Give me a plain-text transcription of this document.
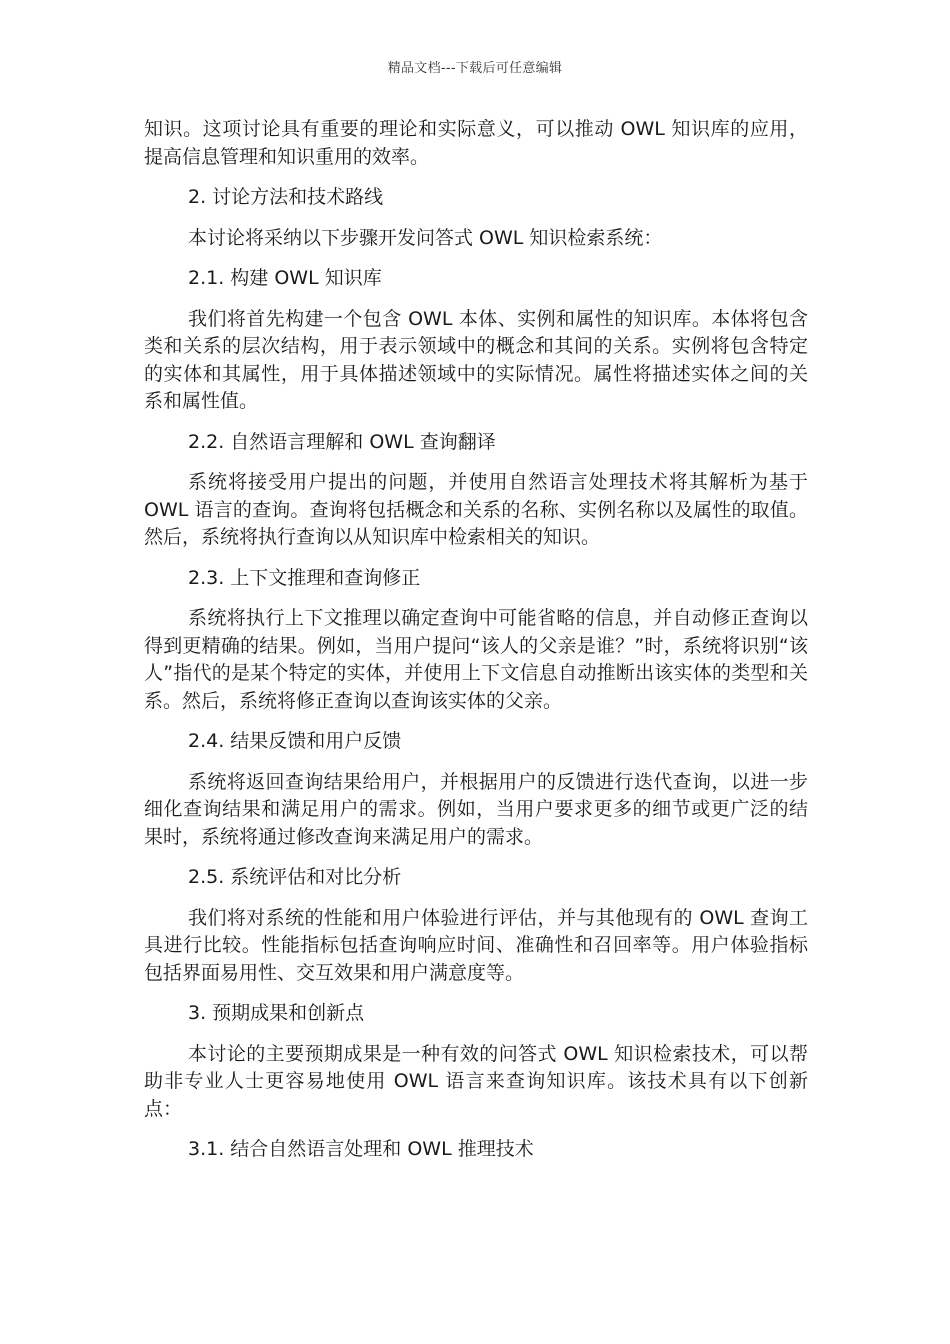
精品文档---下载后可任意编辑

知识。这项讨论具有重要的理论和实际意义，可以推动 OWL 知识库的应用，提高信息管理和知识重用的效率。

2. 讨论方法和技术路线

本讨论将采纳以下步骤开发问答式 OWL 知识检索系统：

2.1. 构建 OWL 知识库

我们将首先构建一个包含 OWL 本体、实例和属性的知识库。本体将包含类和关系的层次结构，用于表示领域中的概念和其间的关系。实例将包含特定的实体和其属性，用于具体描述领域中的实际情况。属性将描述实体之间的关系和属性值。

2.2. 自然语言理解和 OWL 查询翻译

系统将接受用户提出的问题，并使用自然语言处理技术将其解析为基于 OWL 语言的查询。查询将包括概念和关系的名称、实例名称以及属性的取值。然后，系统将执行查询以从知识库中检索相关的知识。

2.3. 上下文推理和查询修正

系统将执行上下文推理以确定查询中可能省略的信息，并自动修正查询以得到更精确的结果。例如，当用户提问“该人的父亲是谁？”时，系统将识别“该人”指代的是某个特定的实体，并使用上下文信息自动推断出该实体的类型和关系。然后，系统将修正查询以查询该实体的父亲。

2.4. 结果反馈和用户反馈

系统将返回查询结果给用户，并根据用户的反馈进行迭代查询，以进一步细化查询结果和满足用户的需求。例如，当用户要求更多的细节或更广泛的结果时，系统将通过修改查询来满足用户的需求。

2.5. 系统评估和对比分析

我们将对系统的性能和用户体验进行评估，并与其他现有的 OWL 查询工具进行比较。性能指标包括查询响应时间、准确性和召回率等。用户体验指标包括界面易用性、交互效果和用户满意度等。

3. 预期成果和创新点

本讨论的主要预期成果是一种有效的问答式 OWL 知识检索技术，可以帮助非专业人士更容易地使用 OWL 语言来查询知识库。该技术具有以下创新点：

3.1. 结合自然语言处理和 OWL 推理技术
